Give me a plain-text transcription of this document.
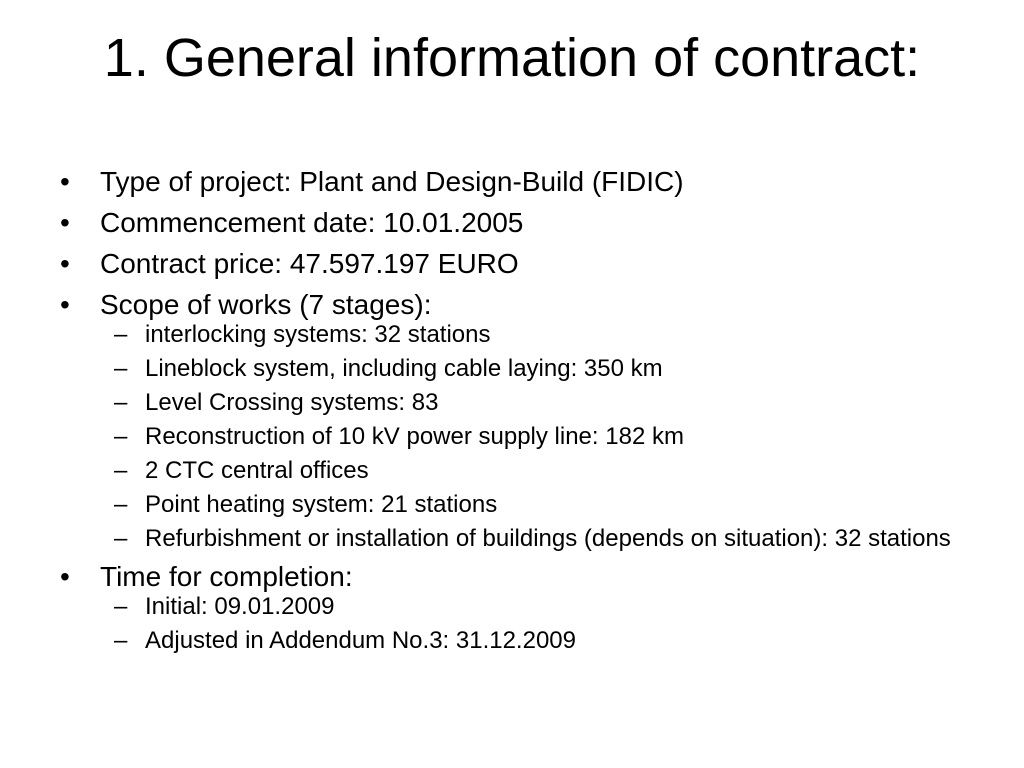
1. General information of contract:
•	Type of project: Plant and Design-Build (FIDIC)
•	Commencement date: 10.01.2005
•	Contract price: 47.597.197 EURO
•	Scope of works (7 stages):
– interlocking systems: 32 stations
– Lineblock system, including cable laying: 350 km
– Level Crossing systems: 83
– Reconstruction of 10 kV power supply line: 182 km
– 2 CTC central offices
– Point heating system: 21 stations
– Refurbishment or installation of buildings (depends on situation): 32 stations
•	Time for completion:
– Initial: 09.01.2009
– Adjusted in Addendum No.3: 31.12.2009
